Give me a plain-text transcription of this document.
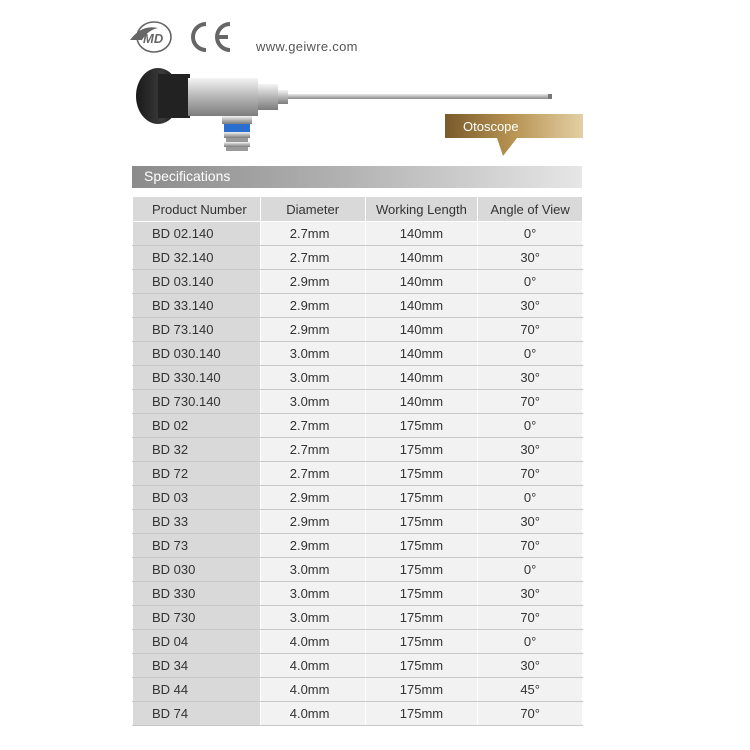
MD
www.geiwre.com
Otoscope
Specifications
Product Number	Diameter	Working Length	Angle of View
BD 02.140	2.7mm	140mm	0°
BD 32.140	2.7mm	140mm	30°
BD 03.140	2.9mm	140mm	0°
BD 33.140	2.9mm	140mm	30°
BD 73.140	2.9mm	140mm	70°
BD 030.140	3.0mm	140mm	0°
BD 330.140	3.0mm	140mm	30°
BD 730.140	3.0mm	140mm	70°
BD 02	2.7mm	175mm	0°
BD 32	2.7mm	175mm	30°
BD 72	2.7mm	175mm	70°
BD 03	2.9mm	175mm	0°
BD 33	2.9mm	175mm	30°
BD 73	2.9mm	175mm	70°
BD 030	3.0mm	175mm	0°
BD 330	3.0mm	175mm	30°
BD 730	3.0mm	175mm	70°
BD 04	4.0mm	175mm	0°
BD 34	4.0mm	175mm	30°
BD 44	4.0mm	175mm	45°
BD 74	4.0mm	175mm	70°
